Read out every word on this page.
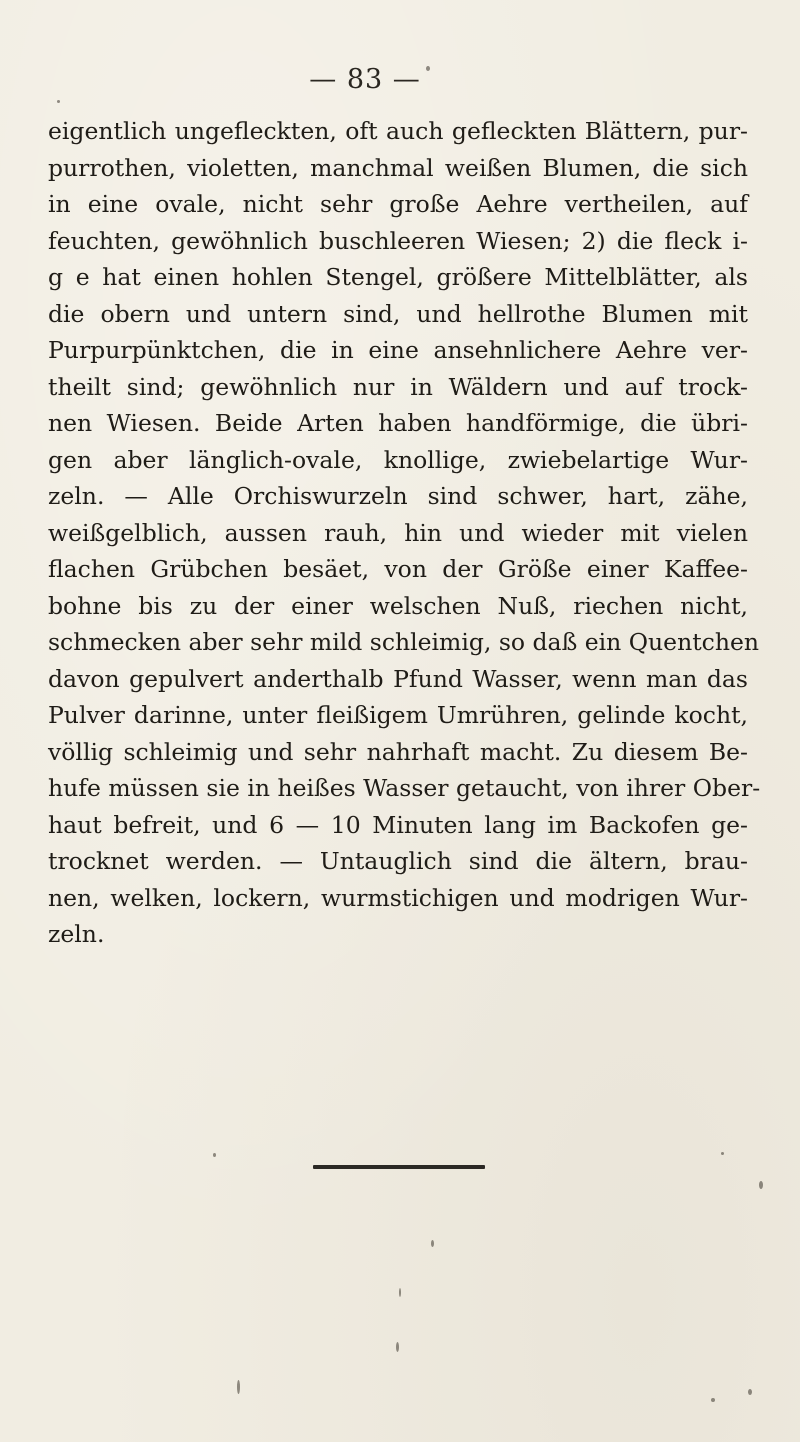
— 83 —
eigentlich ungefleckten, oft auch gefleckten Blättern, pur-
purrothen, violetten, manchmal weißen Blumen, die sich
in eine ovale, nicht sehr große Aehre vertheilen, auf
feuchten, gewöhnlich buschleeren Wiesen; 2) die fleck i-
g e hat einen hohlen Stengel, größere Mittelblätter, als
die obern und untern sind, und hellrothe Blumen mit
Purpurpünktchen, die in eine ansehnlichere Aehre ver-
theilt sind; gewöhnlich nur in Wäldern und auf trock-
nen Wiesen. Beide Arten haben handförmige, die übri-
gen aber länglich-ovale, knollige, zwiebelartige Wur-
zeln. — Alle Orchiswurzeln sind schwer, hart, zähe,
weißgelblich, aussen rauh, hin und wieder mit vielen
flachen Grübchen besäet, von der Größe einer Kaffee-
bohne bis zu der einer welschen Nuß, riechen nicht,
schmecken aber sehr mild schleimig, so daß ein Quentchen
davon gepulvert anderthalb Pfund Wasser, wenn man das
Pulver darinne, unter fleißigem Umrühren, gelinde kocht,
völlig schleimig und sehr nahrhaft macht. Zu diesem Be-
hufe müssen sie in heißes Wasser getaucht, von ihrer Ober-
haut befreit, und 6 — 10 Minuten lang im Backofen ge-
trocknet werden. — Untauglich sind die ältern, brau-
nen, welken, lockern, wurmstichigen und modrigen Wur-
zeln.
